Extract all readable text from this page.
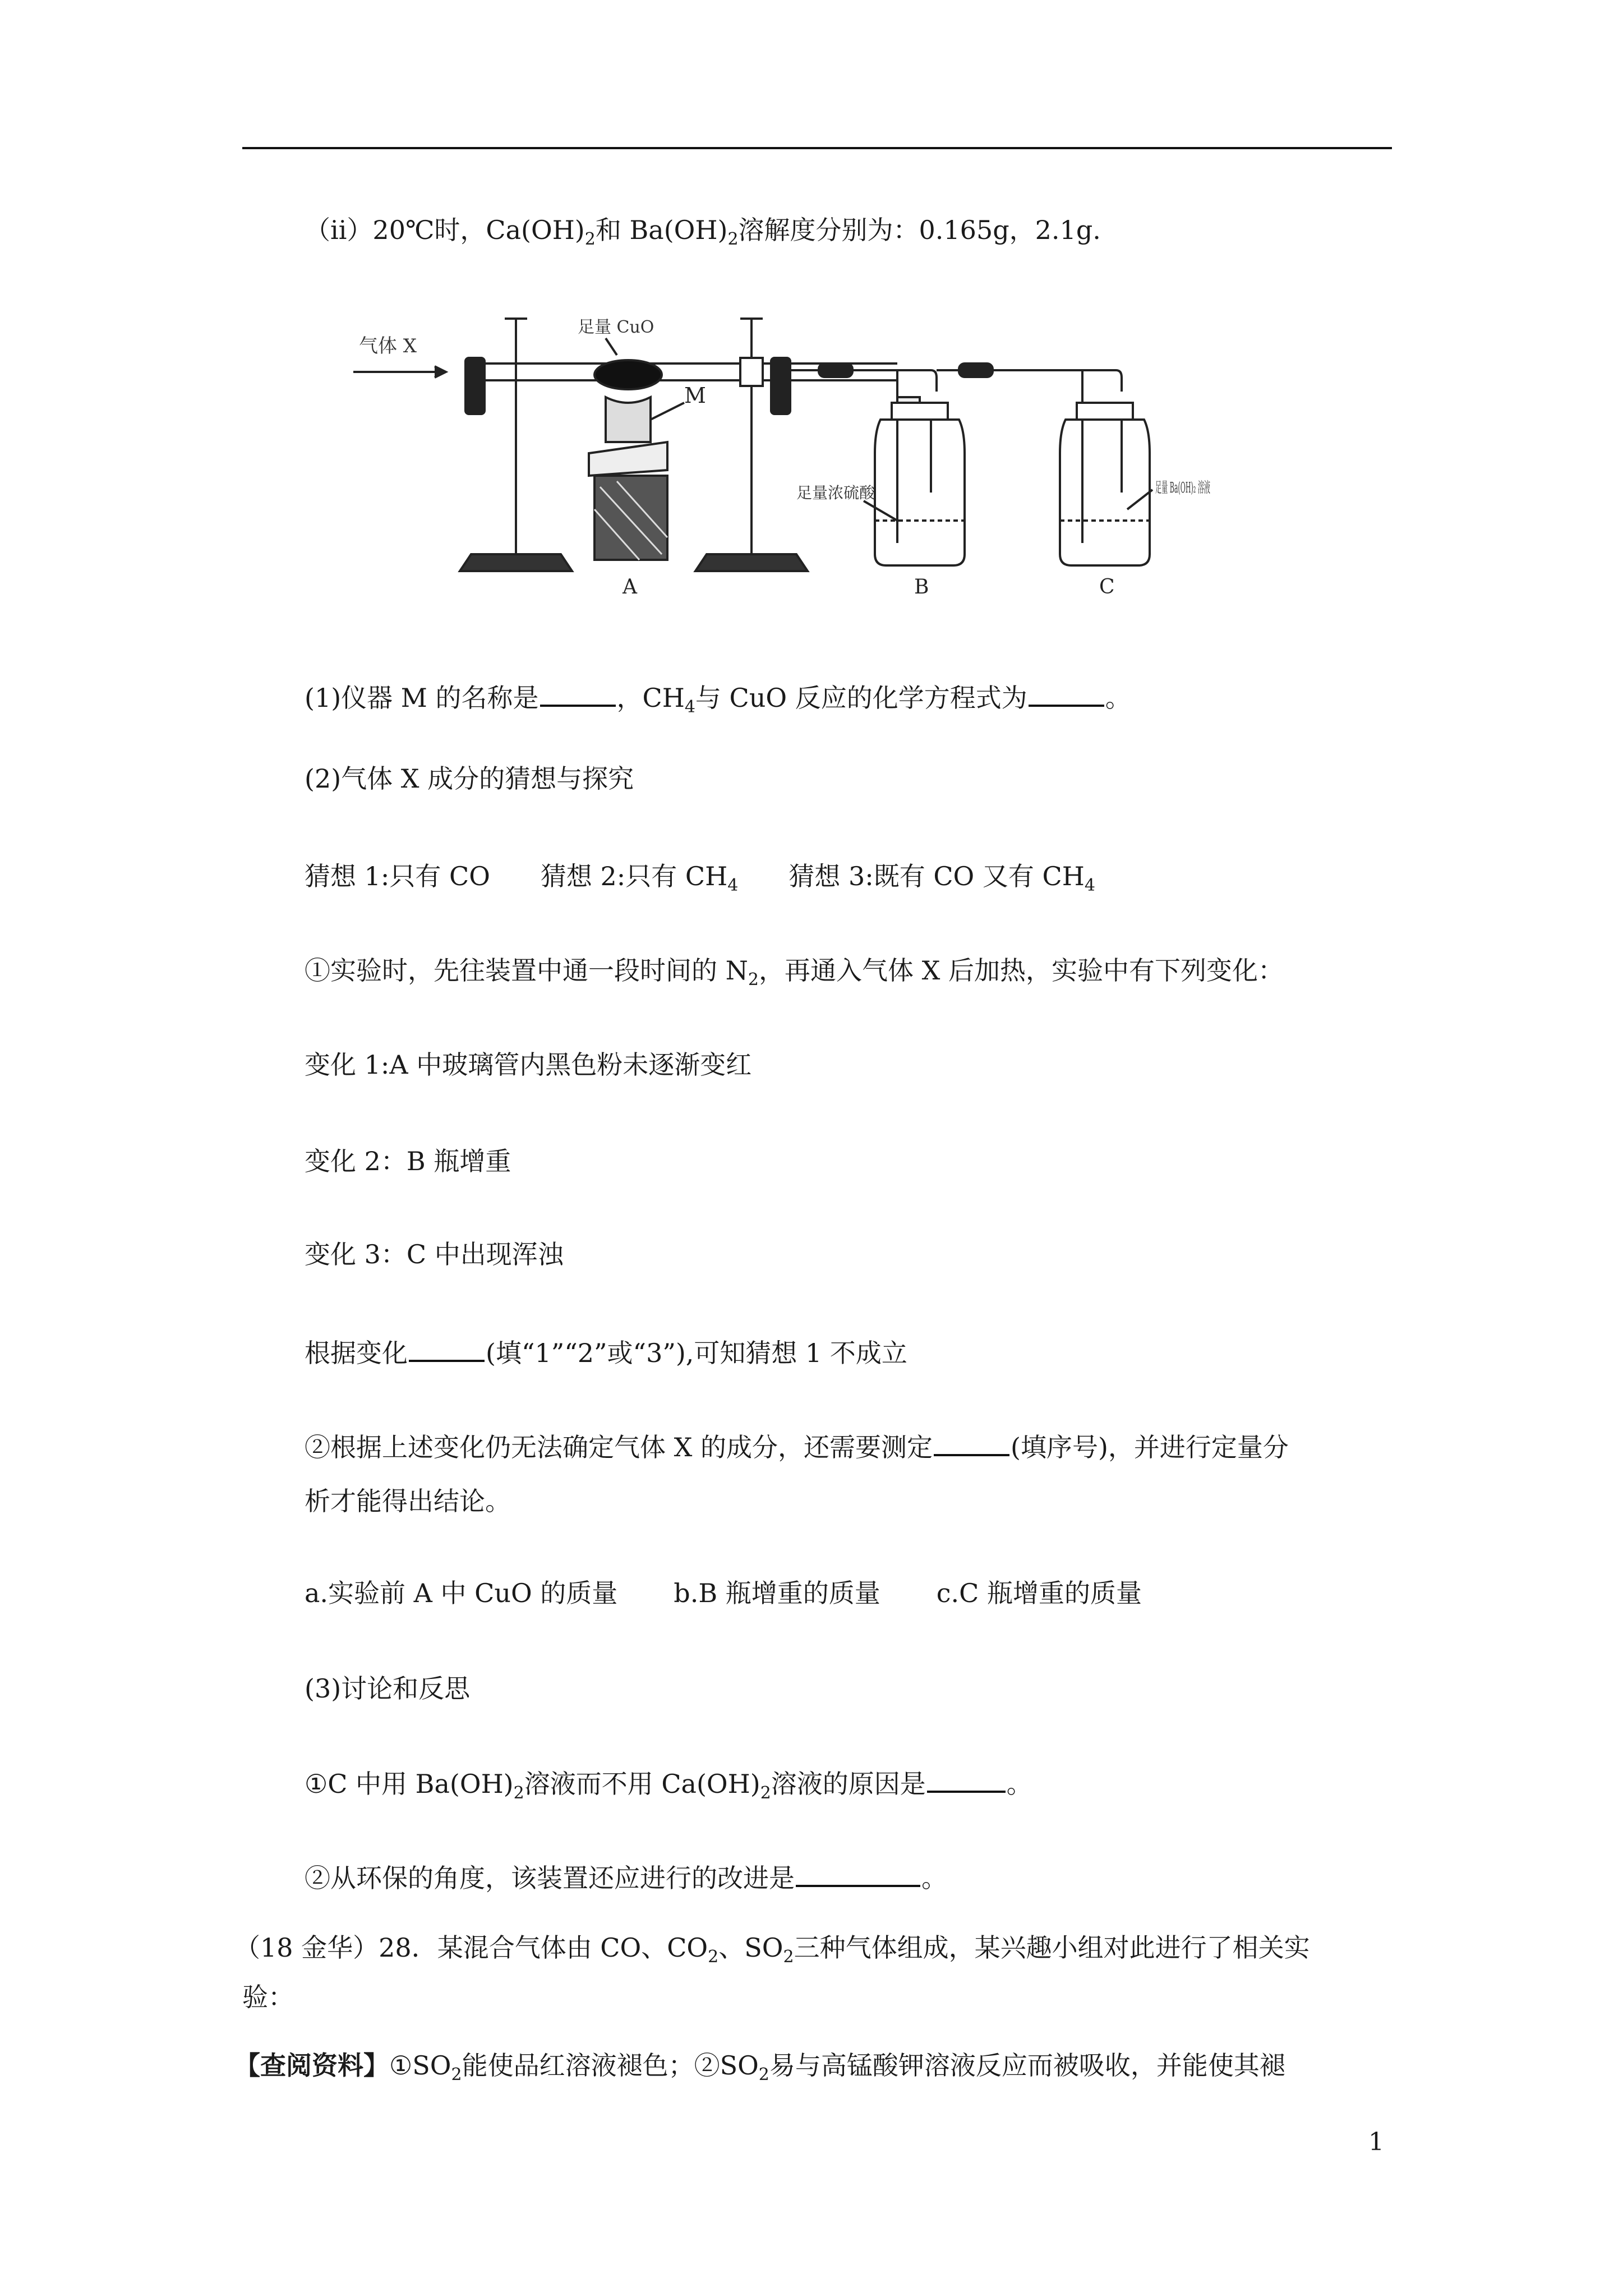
（ⅱ）20℃时，$Ca(OH)_2$和 $Ba(OH)_2$溶解度分别为：0.165g，2.1g.
气体 X
足量 CuO
M
A
足量浓硫酸
B
足量 Ba(OH)₂ 溶液
C
(1)仪器 M 的名称是	，$CH_4$与 CuO 反应的化学方程式为	。
(2)气体 X 成分的猜想与探究
猜想 1:只有 CO 猜想 2:只有 $CH_4$ 猜想 3:既有 CO 又有 $CH_4$
①实验时，先往装置中通一段时间的 $N_2$，再通入气体 X 后加热，实验中有下列变化：
变化 1:A 中玻璃管内黑色粉未逐渐变红
变化 2：B 瓶增重
变化 3：C 中出现浑浊
根据变化	(填“1”“2”或“3”),可知猜想 1 不成立
②根据上述变化仍无法确定气体 X 的成分，还需要测定	(填序号)，并进行定量分
析才能得出结论。
a.实验前 A 中 CuO 的质量 b.B 瓶增重的质量 c.C 瓶增重的质量
(3)讨论和反思
①C 中用 $Ba(OH)_2$溶液而不用 $Ca(OH)_2$溶液的原因是	。
②从环保的角度，该装置还应进行的改进是	。
（18 金华）28．某混合气体由 CO、$CO_2$、$SO_2$三种气体组成，某兴趣小组对此进行了相关实
验：
【查阅资料】$①SO_2$能使品红溶液褪色；$②SO_2$易与高锰酸钾溶液反应而被吸收，并能使其褪
1
